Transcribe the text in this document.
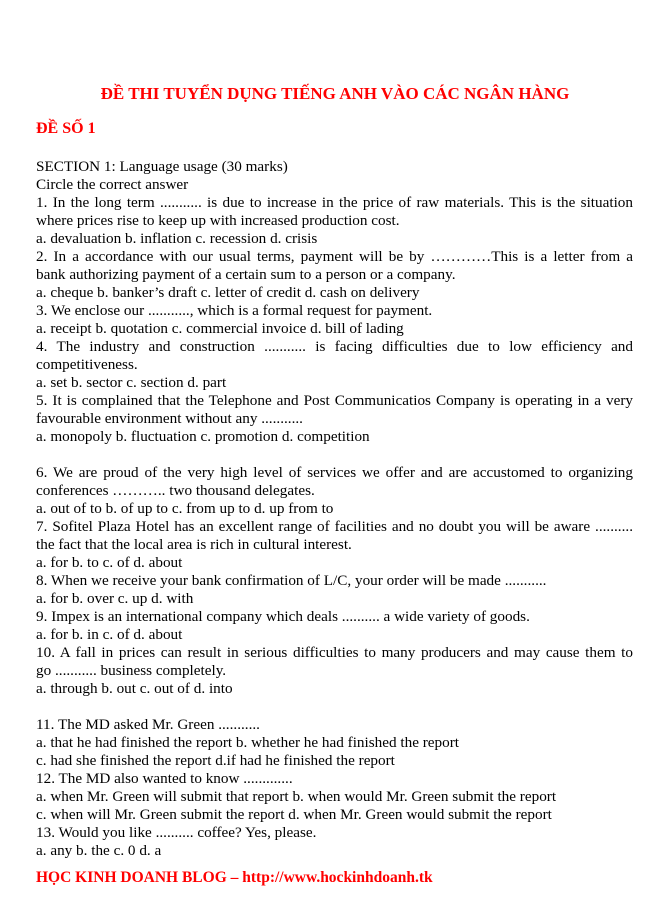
ĐỀ THI TUYỂN DỤNG TIẾNG ANH VÀO CÁC NGÂN HÀNG
ĐỀ SỐ 1
SECTION 1: Language usage (30 marks)
Circle the correct answer
1. In the long term ........... is due to increase in the price of raw materials. This is the situation
where prices rise to keep up with increased production cost.
a. devaluation b. inflation c. recession d. crisis
2. In a accordance with our usual terms, payment will be by …………This is a letter from a
bank authorizing payment of a certain sum to a person or a company.
a. cheque b. banker’s draft c. letter of credit d. cash on delivery
3. We enclose our ..........., which is a formal request for payment.
a. receipt b. quotation c. commercial invoice d. bill of lading
4. The industry and construction ........... is facing difficulties due to low efficiency and
competitiveness.
a. set b. sector c. section d. part
5. It is complained that the Telephone and Post Communicatios Company is operating in a very
favourable environment without any ...........
a. monopoly b. fluctuation c. promotion d. competition
6. We are proud of the very high level of services we offer and are accustomed to organizing
conferences ……….. two thousand delegates.
a. out of to b. of up to c. from up to d. up from to
7. Sofitel Plaza Hotel has an excellent range of facilities and no doubt you will be aware ..........
the fact that the local area is rich in cultural interest.
a. for b. to c. of d. about
8. When we receive your bank confirmation of L/C, your order will be made ...........
a. for b. over c. up d. with
9. Impex is an international company which deals .......... a wide variety of goods.
a. for b. in c. of d. about
10. A fall in prices can result in serious difficulties to many producers and may cause them to
go ........... business completely.
a. through b. out c. out of d. into
11. The MD asked Mr. Green ...........
a. that he had finished the report b. whether he had finished the report
c. had she finished the report d.if had he finished the report
12. The MD also wanted to know .............
a. when Mr. Green will submit that report b. when would Mr. Green submit the report
c. when will Mr. Green submit the report d. when Mr. Green would submit the report
13. Would you like .......... coffee? Yes, please.
a. any b. the c. 0 d. a
HỌC KINH DOANH BLOG – http://www.hockinhdoanh.tk
